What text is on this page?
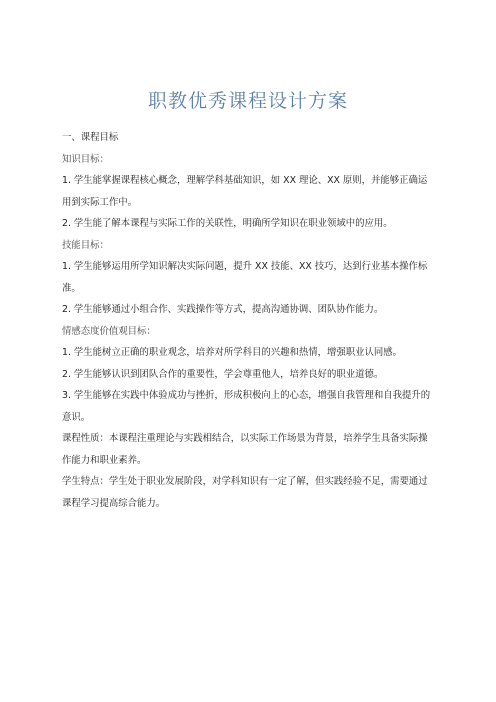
职教优秀课程设计方案

一、课程目标

知识目标：

1. 学生能掌握课程核心概念，理解学科基础知识，如 XX 理论、XX 原则，并能够正确运用到实际工作中。

2. 学生能了解本课程与实际工作的关联性，明确所学知识在职业领域中的应用。

技能目标：

1. 学生能够运用所学知识解决实际问题，提升 XX 技能、XX 技巧，达到行业基本操作标准。

2. 学生能够通过小组合作、实践操作等方式，提高沟通协调、团队协作能力。

情感态度价值观目标：

1. 学生能树立正确的职业观念，培养对所学科目的兴趣和热情，增强职业认同感。

2. 学生能够认识到团队合作的重要性，学会尊重他人，培养良好的职业道德。

3. 学生能够在实践中体验成功与挫折，形成积极向上的心态，增强自我管理和自我提升的意识。

课程性质：本课程注重理论与实践相结合，以实际工作场景为背景，培养学生具备实际操作能力和职业素养。

学生特点：学生处于职业发展阶段，对学科知识有一定了解，但实践经验不足，需要通过课程学习提高综合能力。
